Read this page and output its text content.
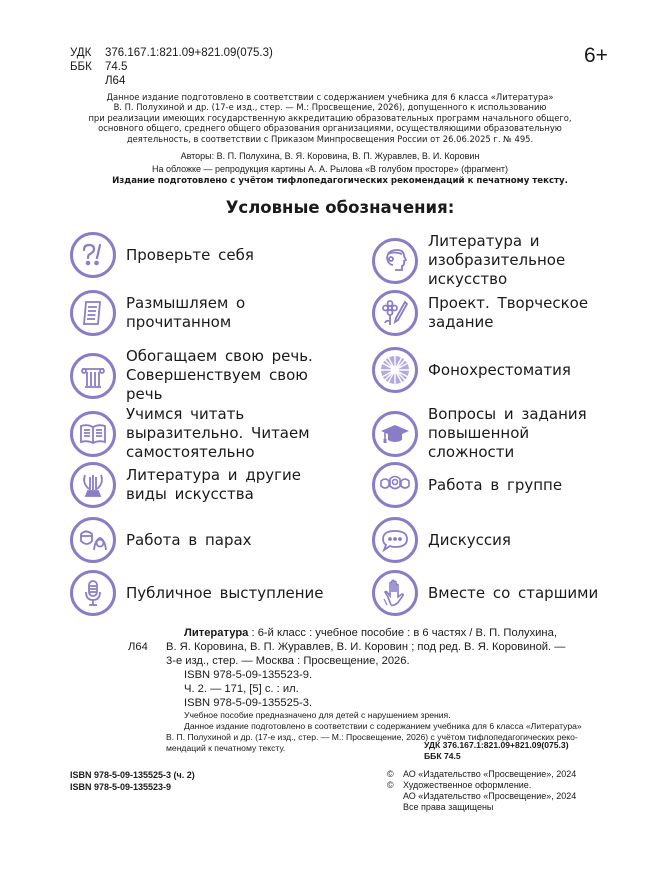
УДК	376.167.1:821.09+821.09(075.3)
ББК	74.5
Л64
6+
Данное издание подготовлено в соответствии с содержанием учебника для 6 класса «Литература»
В. П. Полухиной и др. (17-е изд., стер. — М.: Просвещение, 2026), допущенного к использованию
при реализации имеющих государственную аккредитацию образовательных программ начального общего,
основного общего, среднего общего образования организациями, осуществляющими образовательную
деятельность, в соответствии с Приказом Минпросвещения России от 26.06.2025 г. № 495.
Авторы: В. П. Полухина, В. Я. Коровина, В. П. Журавлев, В. И. Коровин
На обложке — репродукция картины А. А. Рылова «В голубом просторе» (фрагмент)
Издание подготовлено с учётом тифлопедагогических рекомендаций к печатному тексту.
Условные обозначения:
Проверьте себя
Размышляем о прочитанном
Обогащаем свою речь. Совершенствуем свою речь
Учимся читать выразительно. Читаем самостоятельно
Литература и другие виды искусства
Работа в парах
Публичное выступление
Литература и изобразительное искусство
Проект. Творческое задание
Фонохрестоматия
Вопросы и задания повышенной сложности
Работа в группе
Дискуссия
Вместе со старшими
Л64
Литература : 6-й класс : учебное пособие : в 6 частях / В. П. Полухина,
В. Я. Коровина, В. П. Журавлев, В. И. Коровин ; под ред. В. Я. Коровиной. —
3-е изд., стер. — Москва : Просвещение, 2026.
ISBN 978-5-09-135523-9.
Ч. 2. — 171, [5] с. : ил.
ISBN 978-5-09-135525-3.
Учебное пособие предназначено для детей с нарушением зрения.
Данное издание подготовлено в соответствии с содержанием учебника для 6 класса «Литература»
В. П. Полухиной и др. (17-е изд., стер. — М.: Просвещение, 2026) с учётом тифлопедагогических реко-
мендаций к печатному тексту.	УДК 376.167.1:821.09+821.09(075.3)
ББК 74.5
ISBN 978-5-09-135525-3 (ч. 2)
ISBN 978-5-09-135523-9
©	АО «Издательство «Просвещение», 2024
©	Художественное оформление.
АО «Издательство «Просвещение», 2024
Все права защищены
